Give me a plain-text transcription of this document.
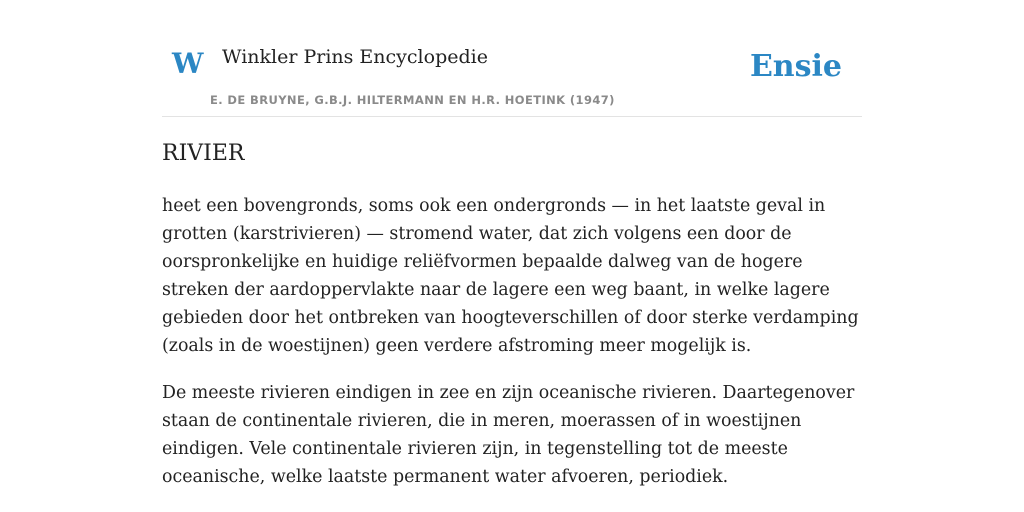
W Winkler Prins Encyclopedie
E. DE BRUYNE, G.B.J. HILTERMANN EN H.R. HOETINK (1947)
Ensie
RIVIER

heet een bovengronds, soms ook een ondergronds — in het laatste geval in grotten (karstrivieren) — stromend water, dat zich volgens een door de oorspronkelijke en huidige reliëfvormen bepaalde dalweg van de hogere streken der aardoppervlakte naar de lagere een weg baant, in welke lagere gebieden door het ontbreken van hoogteverschillen of door sterke verdamping (zoals in de woestijnen) geen verdere afstroming meer mogelijk is.

De meeste rivieren eindigen in zee en zijn oceanische rivieren. Daartegenover staan de continentale rivieren, die in meren, moerassen of in woestijnen eindigen. Vele continentale rivieren zijn, in tegenstelling tot de meeste oceanische, welke laatste permanent water afvoeren, periodiek.
